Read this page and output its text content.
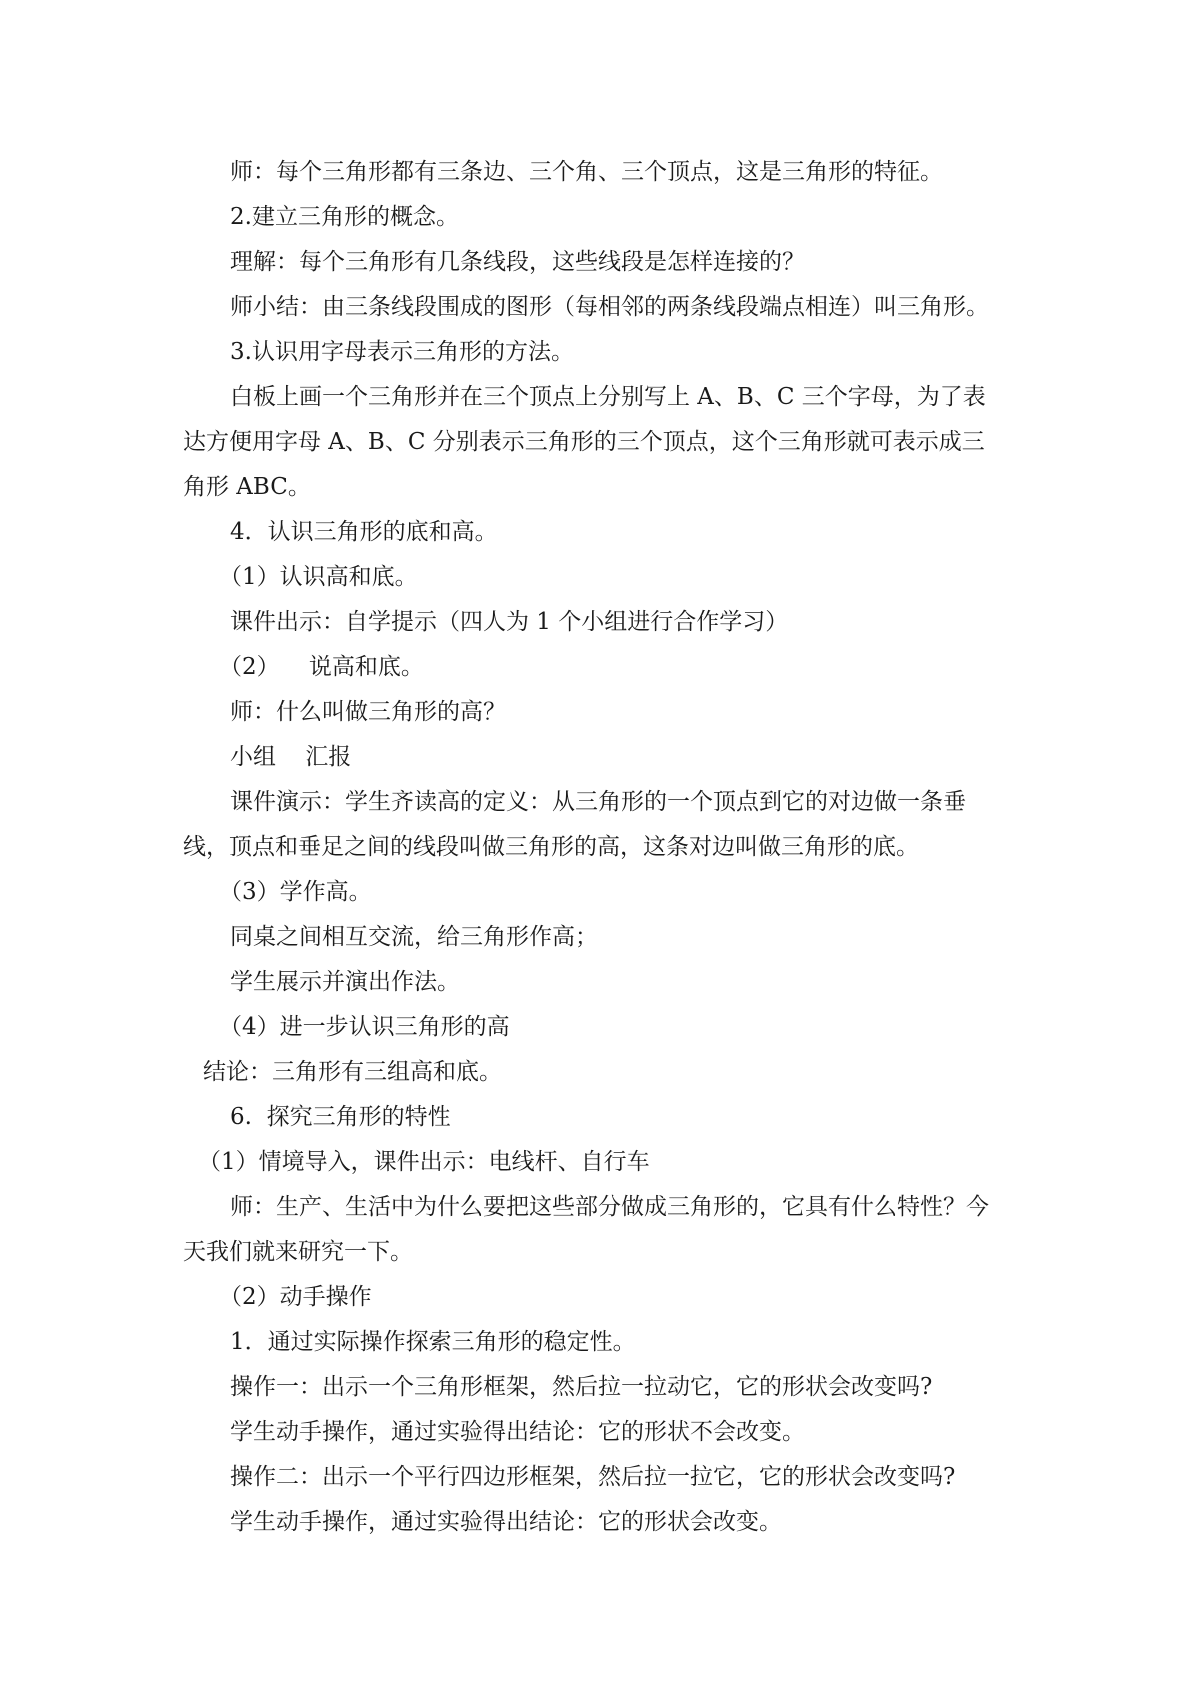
师：每个三角形都有三条边、三个角、三个顶点，这是三角形的特征。
2.建立三角形的概念。
理解：每个三角形有几条线段，这些线段是怎样连接的？
师小结：由三条线段围成的图形（每相邻的两条线段端点相连）叫三角形。
3.认识用字母表示三角形的方法。
白板上画一个三角形并在三个顶点上分别写上 A、B、C 三个字母，为了表
达方便用字母 A、B、C 分别表示三角形的三个顶点，这个三角形就可表示成三
角形 ABC。
4．认识三角形的底和高。
（1）认识高和底。
课件出示：自学提示（四人为 1 个小组进行合作学习）
（2）    说高和底。
师：什么叫做三角形的高？
小组    汇报
课件演示：学生齐读高的定义：从三角形的一个顶点到它的对边做一条垂
线，顶点和垂足之间的线段叫做三角形的高，这条对边叫做三角形的底。
（3）学作高。
同桌之间相互交流，给三角形作高；
学生展示并演出作法。
（4）进一步认识三角形的高
结论：三角形有三组高和底。
6.  探究三角形的特性
（1）情境导入，课件出示：电线杆、自行车
师：生产、生活中为什么要把这些部分做成三角形的，它具有什么特性？今
天我们就来研究一下。
（2）动手操作
1．通过实际操作探索三角形的稳定性。
操作一：出示一个三角形框架，然后拉一拉动它，它的形状会改变吗?
学生动手操作，通过实验得出结论：它的形状不会改变。
操作二：出示一个平行四边形框架，然后拉一拉它，它的形状会改变吗?
学生动手操作，通过实验得出结论：它的形状会改变。
